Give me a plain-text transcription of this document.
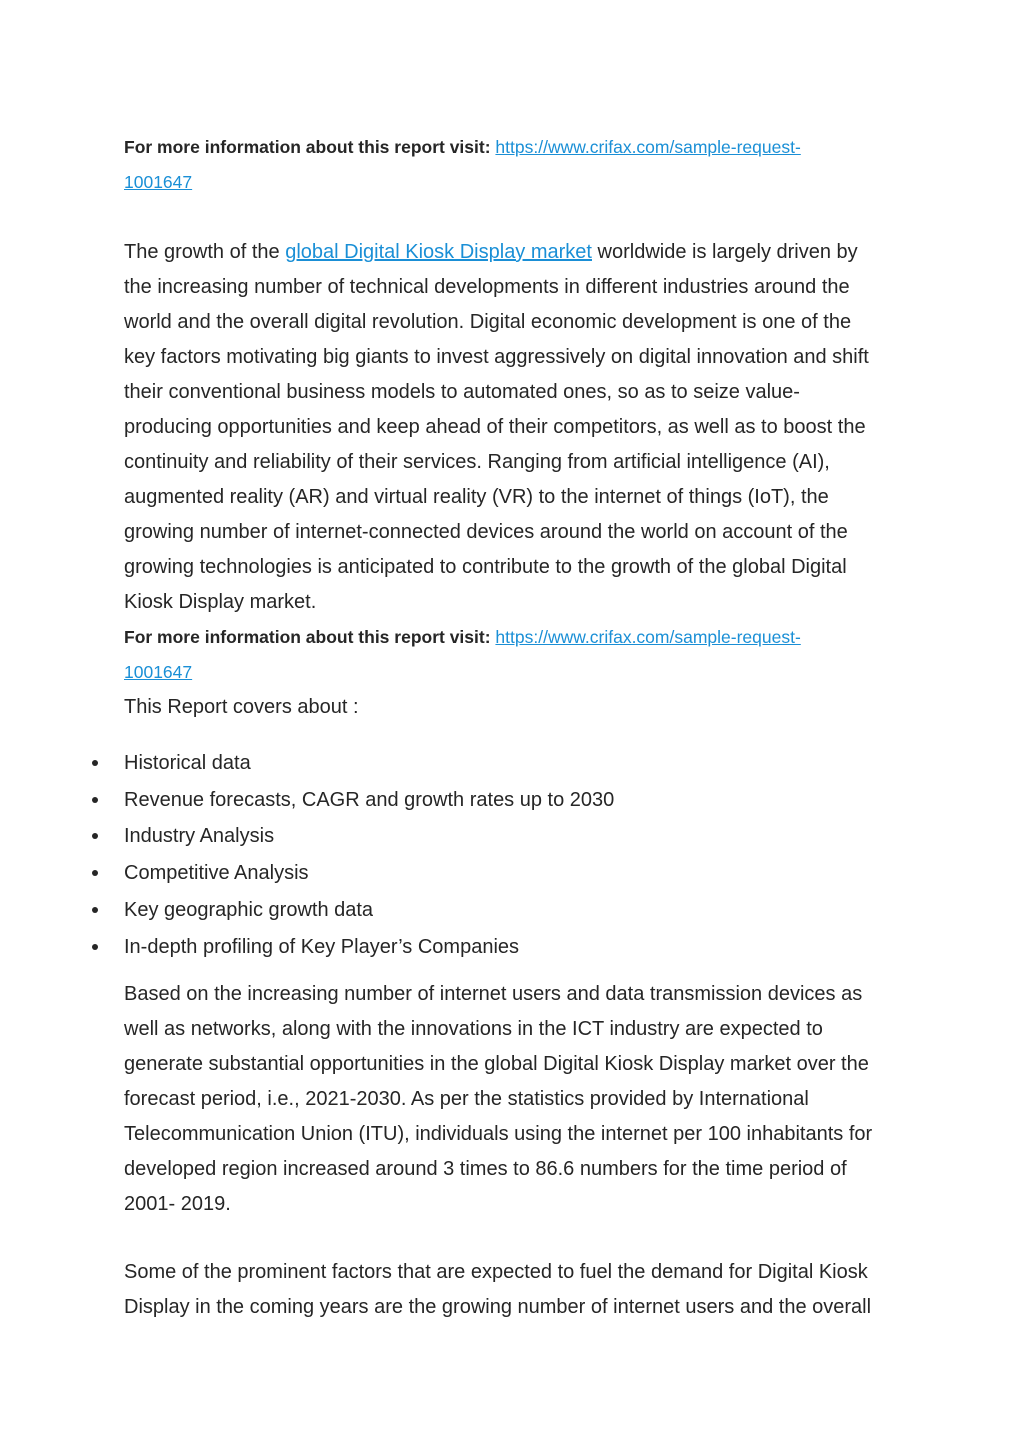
For more information about this report visit: https://www.crifax.com/sample-request-
1001647

The growth of the global Digital Kiosk Display market worldwide is largely driven by
the increasing number of technical developments in different industries around the
world and the overall digital revolution. Digital economic development is one of the
key factors motivating big giants to invest aggressively on digital innovation and shift
their conventional business models to automated ones, so as to seize value-
producing opportunities and keep ahead of their competitors, as well as to boost the
continuity and reliability of their services. Ranging from artificial intelligence (AI),
augmented reality (AR) and virtual reality (VR) to the internet of things (IoT), the
growing number of internet-connected devices around the world on account of the
growing technologies is anticipated to contribute to the growth of the global Digital
Kiosk Display market.

For more information about this report visit: https://www.crifax.com/sample-request-
1001647

This Report covers about :

Historical data
Revenue forecasts, CAGR and growth rates up to 2030
Industry Analysis
Competitive Analysis
Key geographic growth data
In-depth profiling of Key Player’s Companies
Based on the increasing number of internet users and data transmission devices as
well as networks, along with the innovations in the ICT industry are expected to
generate substantial opportunities in the global Digital Kiosk Display market over the
forecast period, i.e., 2021-2030. As per the statistics provided by International
Telecommunication Union (ITU), individuals using the internet per 100 inhabitants for
developed region increased around 3 times to 86.6 numbers for the time period of
2001- 2019.
Some of the prominent factors that are expected to fuel the demand for Digital Kiosk
Display in the coming years are the growing number of internet users and the overall
